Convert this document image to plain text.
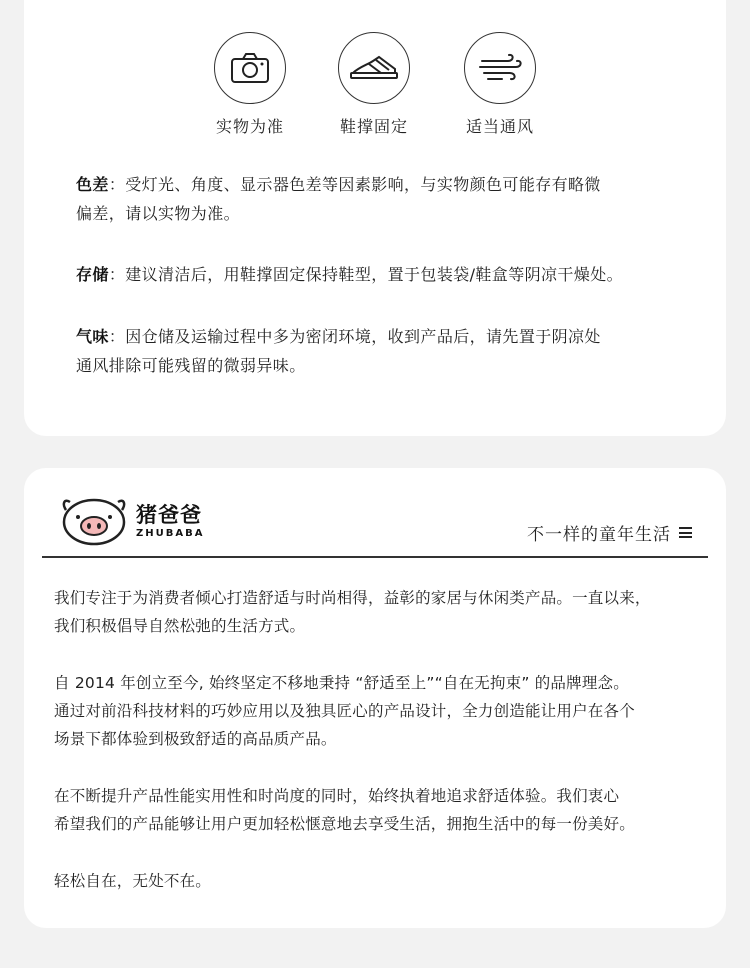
实物为准	鞋撑固定	适当通风
色差：受灯光、角度、显示器色差等因素影响，与实物颜色可能存有略微
偏差，请以实物为准。
存储：建议清洁后，用鞋撑固定保持鞋型，置于包装袋/鞋盒等阴凉干燥处。
气味：因仓储及运输过程中多为密闭环境，收到产品后，请先置于阴凉处
通风排除可能残留的微弱异味。
猪爸爸
ZHUBABA	不一样的童年生活

我们专注于为消费者倾心打造舒适与时尚相得，益彰的家居与休闲类产品。一直以来，
我们积极倡导自然松弛的生活方式。

自 2014 年创立至今, 始终坚定不移地秉持 “舒适至上”“自在无拘束” 的品牌理念。
通过对前沿科技材料的巧妙应用以及独具匠心的产品设计，全力创造能让用户在各个
场景下都体验到极致舒适的高品质产品。

在不断提升产品性能实用性和时尚度的同时，始终执着地追求舒适体验。我们衷心
希望我们的产品能够让用户更加轻松惬意地去享受生活，拥抱生活中的每一份美好。

轻松自在，无处不在。
